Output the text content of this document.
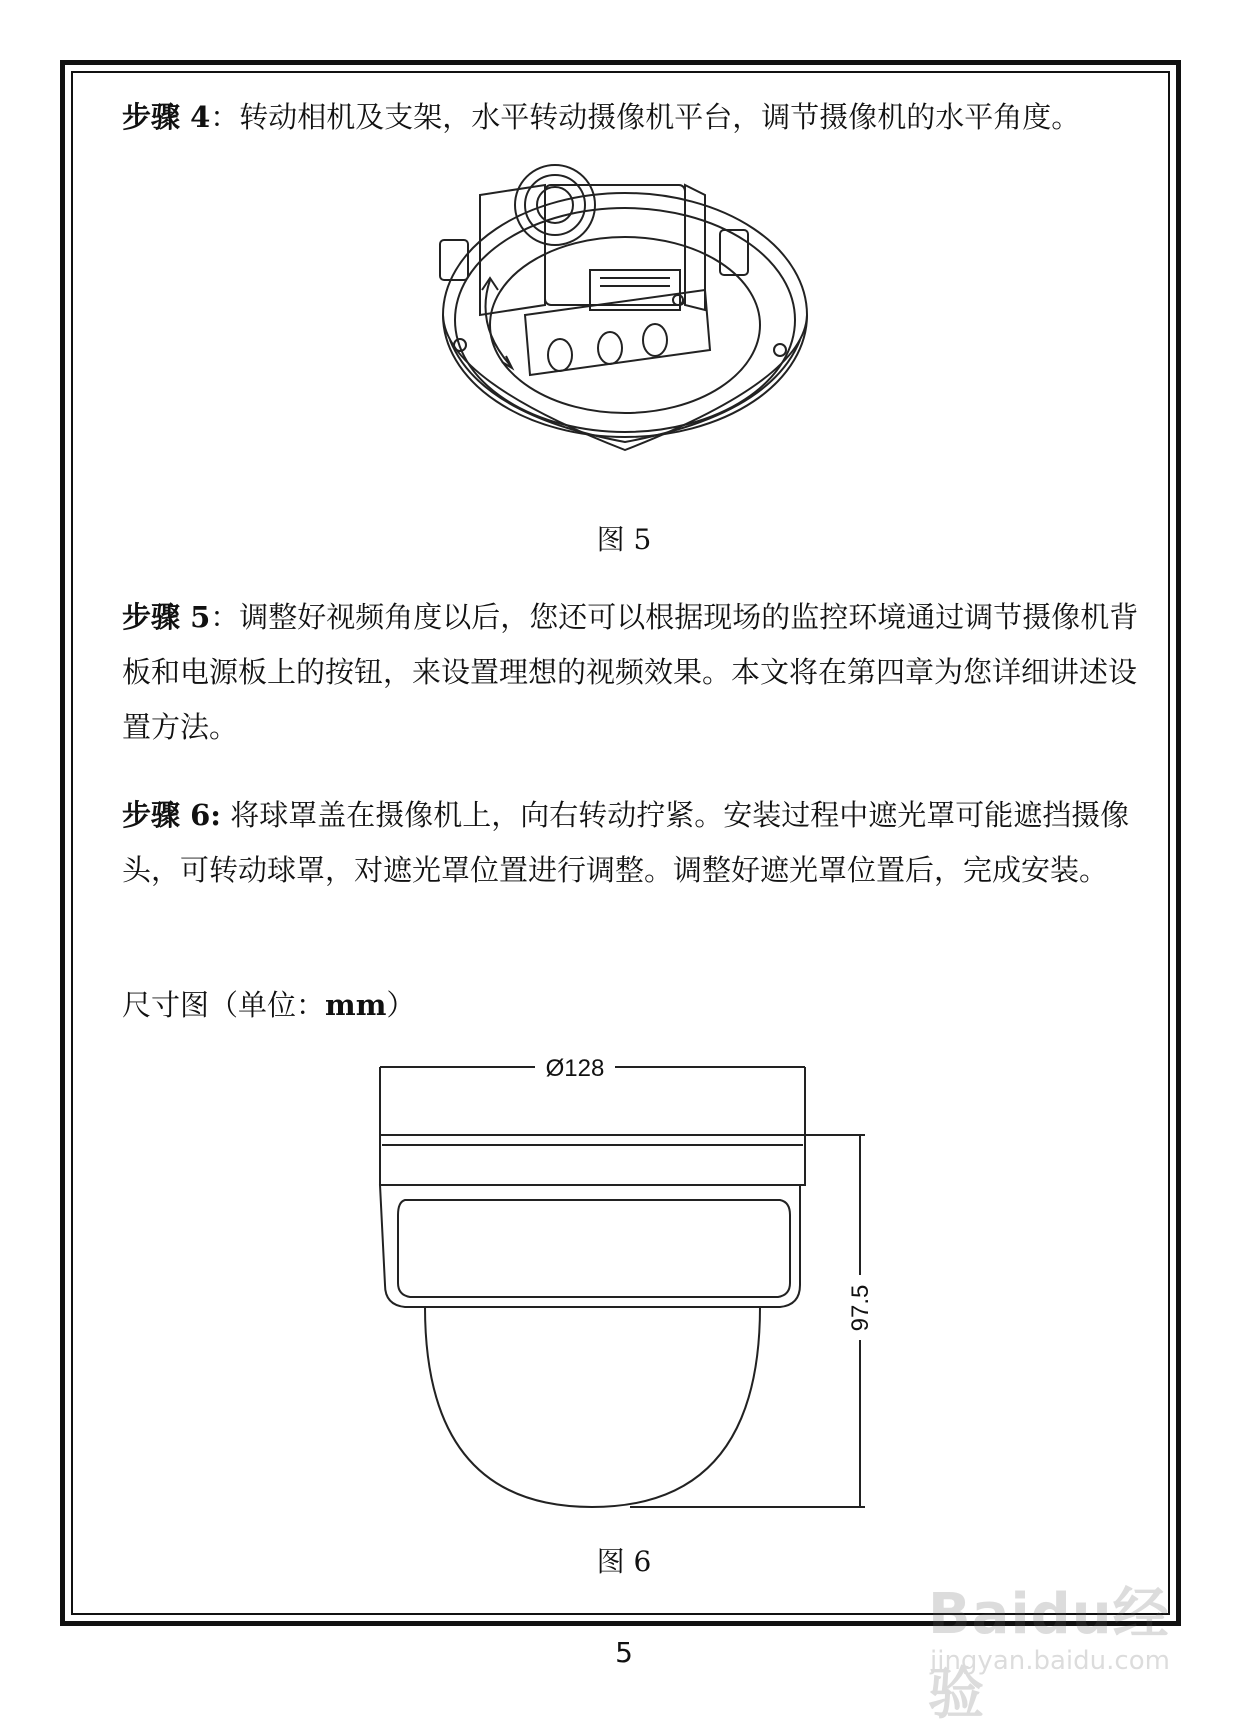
步骤 4：转动相机及支架，水平转动摄像机平台，调节摄像机的水平角度。
图 5
步骤 5：调整好视频角度以后，您还可以根据现场的监控环境通过调节摄像机背板和电源板上的按钮，来设置理想的视频效果。本文将在第四章为您详细讲述设置方法。
步骤 6: 将球罩盖在摄像机上，向右转动拧紧。安装过程中遮光罩可能遮挡摄像头，可转动球罩，对遮光罩位置进行调整。调整好遮光罩位置后，完成安装。
尺寸图（单位：mm）
Ø128
97.5
图 6
5
Baidu经验
jingyan.baidu.com
